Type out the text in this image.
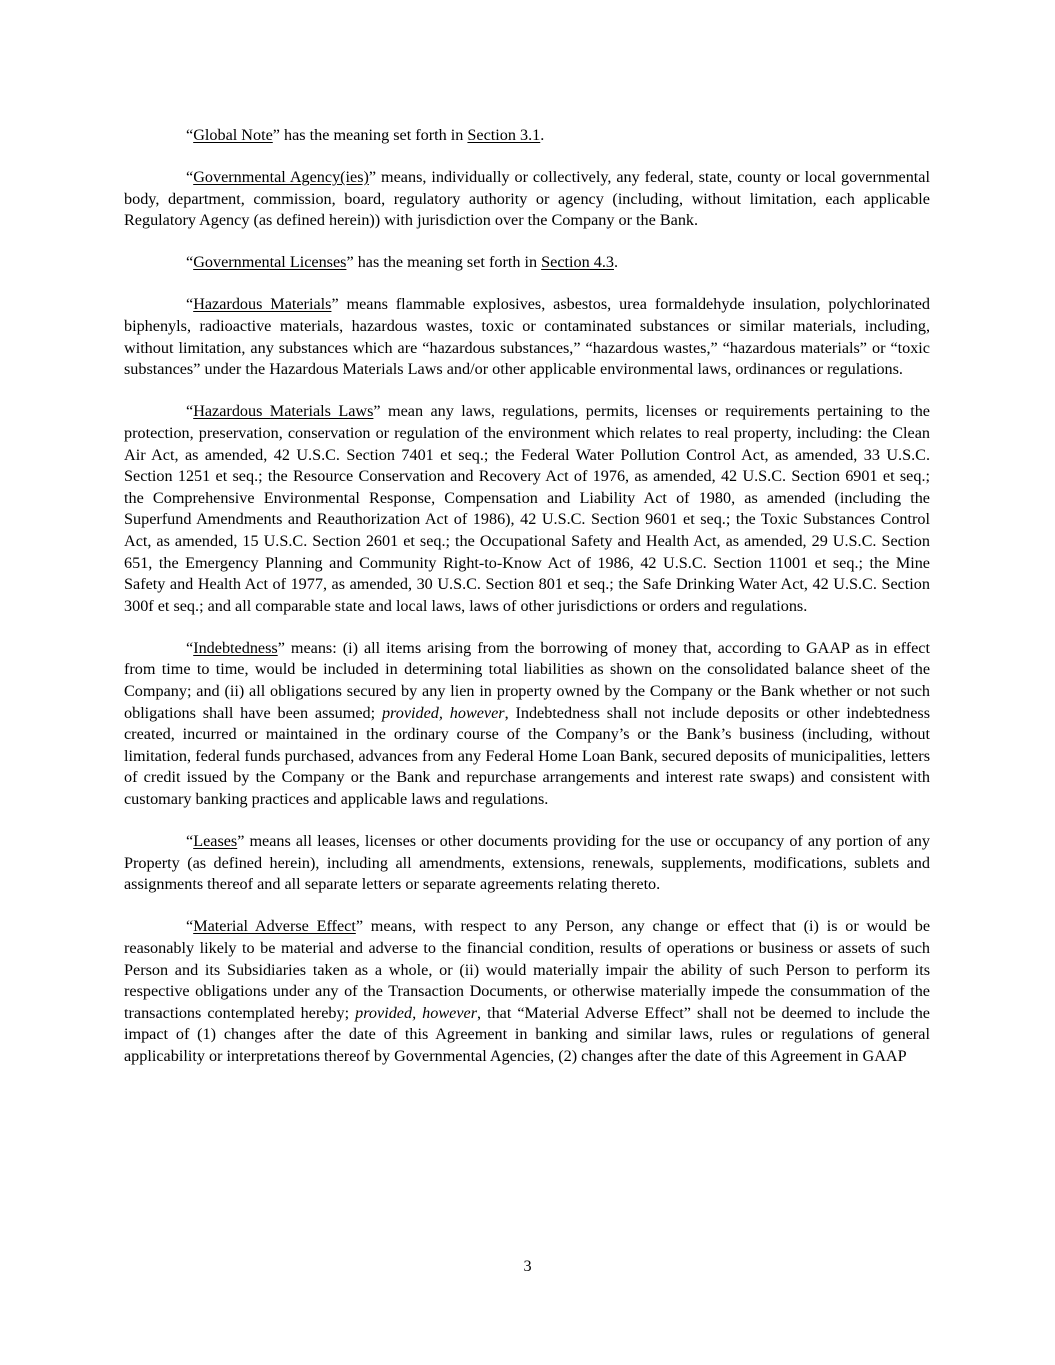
“Global Note” has the meaning set forth in Section 3.1.

“Governmental Agency(ies)” means, individually or collectively, any federal, state, county or local governmental body, department, commission, board, regulatory authority or agency (including, without limitation, each applicable Regulatory Agency (as defined herein)) with jurisdiction over the Company or the Bank.

“Governmental Licenses” has the meaning set forth in Section 4.3.

“Hazardous Materials” means flammable explosives, asbestos, urea formaldehyde insulation, polychlorinated biphenyls, radioactive materials, hazardous wastes, toxic or contaminated substances or similar materials, including, without limitation, any substances which are “hazardous substances,” “hazardous wastes,” “hazardous materials” or “toxic substances” under the Hazardous Materials Laws and/or other applicable environmental laws, ordinances or regulations.

“Hazardous Materials Laws” mean any laws, regulations, permits, licenses or requirements pertaining to the protection, preservation, conservation or regulation of the environment which relates to real property, including: the Clean Air Act, as amended, 42 U.S.C. Section 7401 et seq.; the Federal Water Pollution Control Act, as amended, 33 U.S.C. Section 1251 et seq.; the Resource Conservation and Recovery Act of 1976, as amended, 42 U.S.C. Section 6901 et seq.; the Comprehensive Environmental Response, Compensation and Liability Act of 1980, as amended (including the Superfund Amendments and Reauthorization Act of 1986), 42 U.S.C. Section 9601 et seq.; the Toxic Substances Control Act, as amended, 15 U.S.C. Section 2601 et seq.; the Occupational Safety and Health Act, as amended, 29 U.S.C. Section 651, the Emergency Planning and Community Right-to-Know Act of 1986, 42 U.S.C. Section 11001 et seq.; the Mine Safety and Health Act of 1977, as amended, 30 U.S.C. Section 801 et seq.; the Safe Drinking Water Act, 42 U.S.C. Section 300f et seq.; and all comparable state and local laws, laws of other jurisdictions or orders and regulations.

“Indebtedness” means: (i) all items arising from the borrowing of money that, according to GAAP as in effect from time to time, would be included in determining total liabilities as shown on the consolidated balance sheet of the Company; and (ii) all obligations secured by any lien in property owned by the Company or the Bank whether or not such obligations shall have been assumed; provided, however, Indebtedness shall not include deposits or other indebtedness created, incurred or maintained in the ordinary course of the Company’s or the Bank’s business (including, without limitation, federal funds purchased, advances from any Federal Home Loan Bank, secured deposits of municipalities, letters of credit issued by the Company or the Bank and repurchase arrangements and interest rate swaps) and consistent with customary banking practices and applicable laws and regulations.

“Leases” means all leases, licenses or other documents providing for the use or occupancy of any portion of any Property (as defined herein), including all amendments, extensions, renewals, supplements, modifications, sublets and assignments thereof and all separate letters or separate agreements relating thereto.

“Material Adverse Effect” means, with respect to any Person, any change or effect that (i) is or would be reasonably likely to be material and adverse to the financial condition, results of operations or business or assets of such Person and its Subsidiaries taken as a whole, or (ii) would materially impair the ability of such Person to perform its respective obligations under any of the Transaction Documents, or otherwise materially impede the consummation of the transactions contemplated hereby; provided, however, that “Material Adverse Effect” shall not be deemed to include the impact of (1) changes after the date of this Agreement in banking and similar laws, rules or regulations of general applicability or interpretations thereof by Governmental Agencies, (2) changes after the date of this Agreement in GAAP

3
